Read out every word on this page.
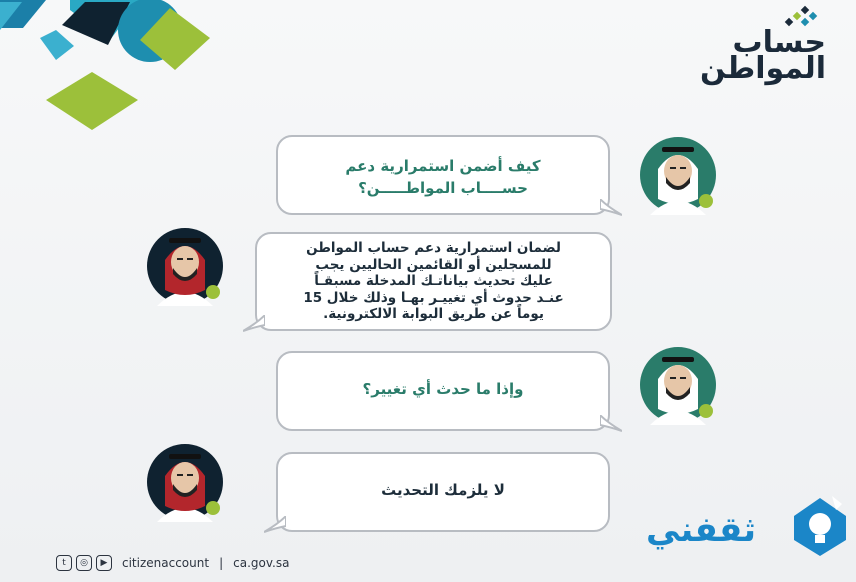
حساب
المواطن
كيف أضمن استمرارية دعم
حســــاب المواطـــــن؟
لضمان استمرارية دعم حساب المواطن
للمسجلين أو القائمين الحاليين يجب
عليك تحديث بياناتـك المدخلة مسبقـاً
عنـد حدوث أي تغييـر بهـا وذلك خلال 15
يوماً عن طريق البوابة الالكترونية.
وإذا ما حدث أي تغيير؟
لا يلزمك التحديث
t	◎	▶	citizenaccount | ca.gov.sa
ثقفني
